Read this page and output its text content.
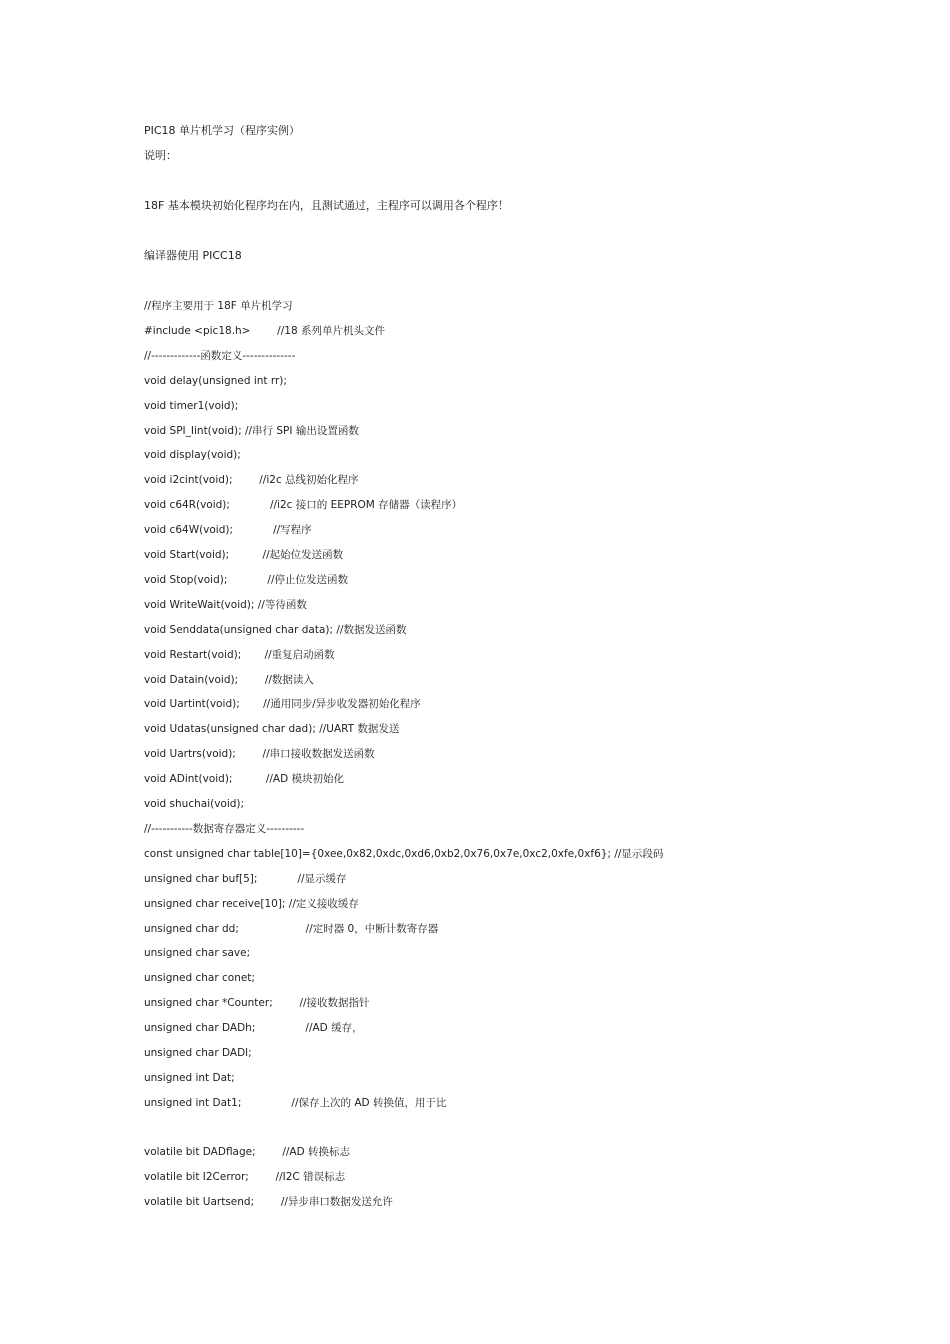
PIC18 单片机学习（程序实例）
说明：
18F 基本模块初始化程序均在内，且测试通过，主程序可以调用各个程序！
编译器使用 PICC18
//程序主要用于 18F 单片机学习
#include <pic18.h>        //18 系列单片机头文件
//-------------函数定义--------------
void delay(unsigned int rr);
void timer1(void);
void SPI_Iint(void); //串行 SPI 输出设置函数
void display(void);
void i2cint(void);        //i2c 总线初始化程序
void c64R(void);            //i2c 接口的 EEPROM 存储器（读程序）
void c64W(void);            //写程序
void Start(void);          //起始位发送函数
void Stop(void);            //停止位发送函数
void WriteWait(void); //等待函数
void Senddata(unsigned char data); //数据发送函数
void Restart(void);       //重复启动函数
void Datain(void);        //数据读入
void Uartint(void);       //通用同步/异步收发器初始化程序
void Udatas(unsigned char dad); //UART 数据发送
void Uartrs(void);        //串口接收数据发送函数
void ADint(void);          //AD 模块初始化
void shuchai(void);
//-----------数据寄存器定义----------
const unsigned char table[10]={0xee,0x82,0xdc,0xd6,0xb2,0x76,0x7e,0xc2,0xfe,0xf6}; //显示段码
unsigned char buf[5];            //显示缓存
unsigned char receive[10]; //定义接收缓存
unsigned char dd;                    //定时器 0，中断计数寄存器
unsigned char save;
unsigned char conet;
unsigned char *Counter;        //接收数据指针
unsigned char DADh;               //AD 缓存，
unsigned char DADl;
unsigned int Dat;
unsigned int Dat1;               //保存上次的 AD 转换值，用于比
volatile bit DADflage;        //AD 转换标志
volatile bit I2Cerror;        //I2C 错误标志
volatile bit Uartsend;        //异步串口数据发送允许
